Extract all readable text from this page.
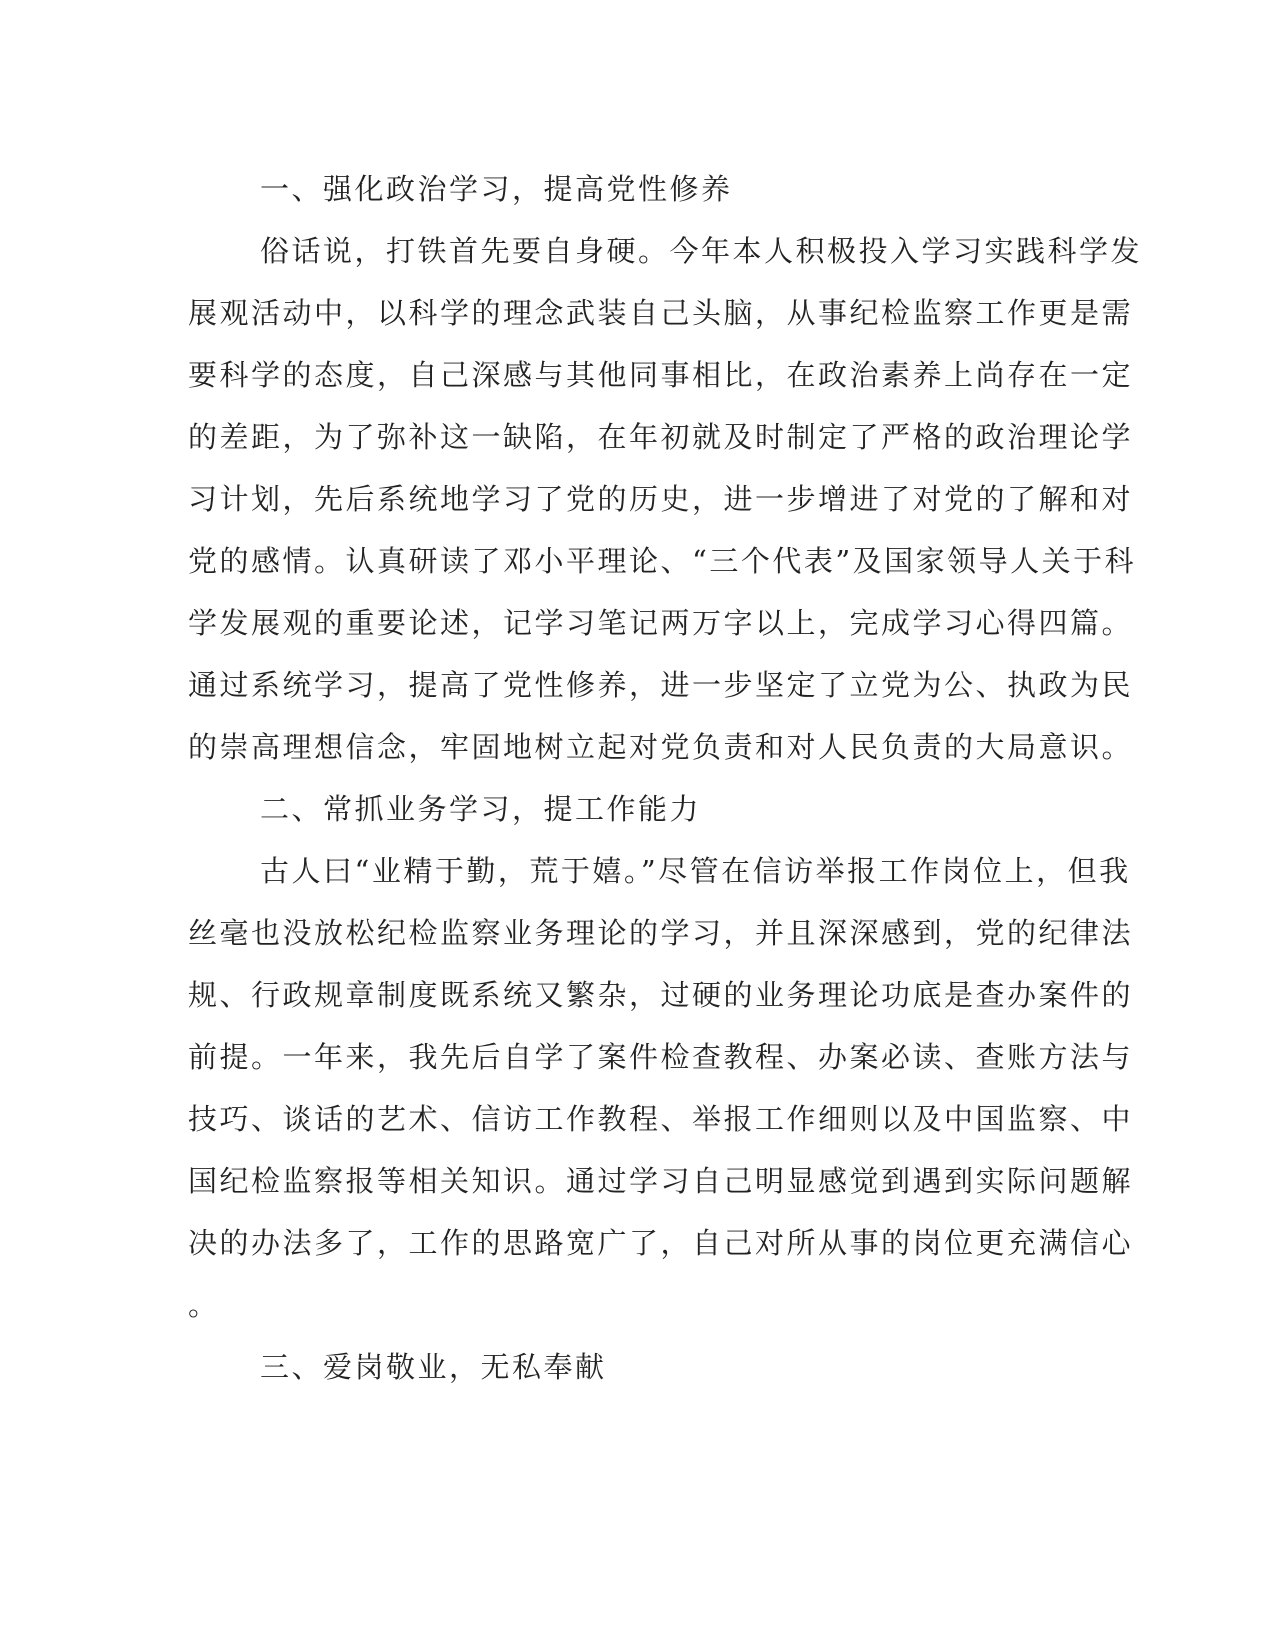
一、强化政治学习，提高党性修养
俗话说，打铁首先要自身硬。今年本人积极投入学习实践科学发
展观活动中，以科学的理念武装自己头脑，从事纪检监察工作更是需
要科学的态度，自己深感与其他同事相比，在政治素养上尚存在一定
的差距，为了弥补这一缺陷，在年初就及时制定了严格的政治理论学
习计划，先后系统地学习了党的历史，进一步增进了对党的了解和对
党的感情。认真研读了邓小平理论、“三个代表”及国家领导人关于科
学发展观的重要论述，记学习笔记两万字以上，完成学习心得四篇。
通过系统学习，提高了党性修养，进一步坚定了立党为公、执政为民
的崇高理想信念，牢固地树立起对党负责和对人民负责的大局意识。
二、常抓业务学习，提工作能力
古人曰“业精于勤，荒于嬉。”尽管在信访举报工作岗位上，但我
丝毫也没放松纪检监察业务理论的学习，并且深深感到，党的纪律法
规、行政规章制度既系统又繁杂，过硬的业务理论功底是查办案件的
前提。一年来，我先后自学了案件检查教程、办案必读、查账方法与
技巧、谈话的艺术、信访工作教程、举报工作细则以及中国监察、中
国纪检监察报等相关知识。通过学习自己明显感觉到遇到实际问题解
决的办法多了，工作的思路宽广了，自己对所从事的岗位更充满信心
。
三、爱岗敬业，无私奉献
